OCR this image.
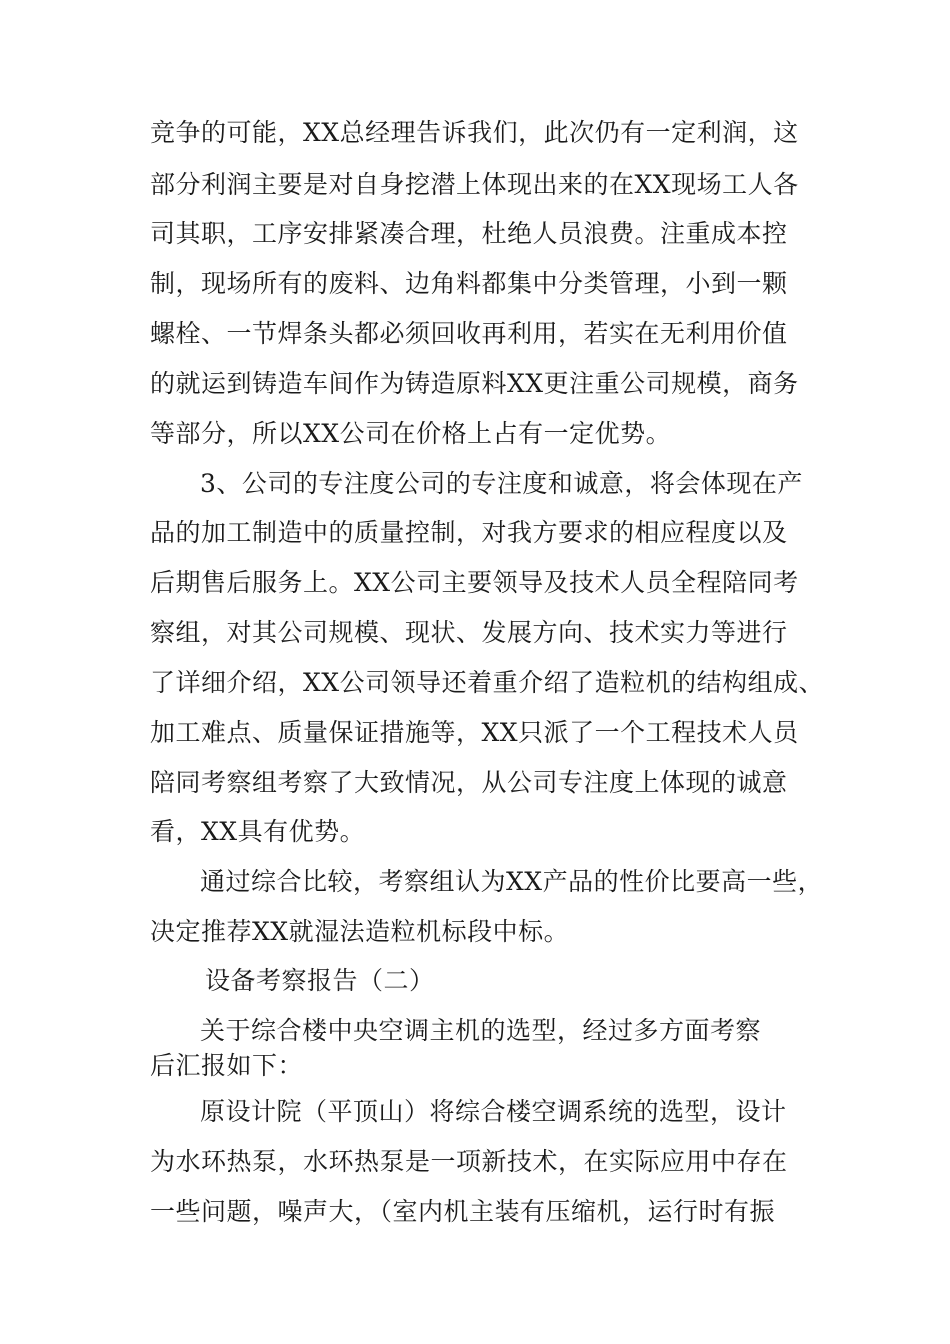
竞争的可能，XX总经理告诉我们，此次仍有一定利润，这
部分利润主要是对自身挖潜上体现出来的在XX现场工人各
司其职，工序安排紧凑合理，杜绝人员浪费。注重成本控
制，现场所有的废料、边角料都集中分类管理，小到一颗
螺栓、一节焊条头都必须回收再利用，若实在无利用价值
的就运到铸造车间作为铸造原料XX更注重公司规模，商务
等部分，所以XX公司在价格上占有一定优势。
3、公司的专注度公司的专注度和诚意，将会体现在产
品的加工制造中的质量控制，对我方要求的相应程度以及
后期售后服务上。XX公司主要领导及技术人员全程陪同考
察组，对其公司规模、现状、发展方向、技术实力等进行
了详细介绍，XX公司领导还着重介绍了造粒机的结构组成、
加工难点、质量保证措施等，XX只派了一个工程技术人员
陪同考察组考察了大致情况，从公司专注度上体现的诚意
看，XX具有优势。
通过综合比较，考察组认为XX产品的性价比要高一些，
决定推荐XX就湿法造粒机标段中标。
设备考察报告（二）
关于综合楼中央空调主机的选型，经过多方面考察
后汇报如下：
原设计院（平顶山）将综合楼空调系统的选型，设计
为水环热泵，水环热泵是一项新技术，在实际应用中存在
一些问题，噪声大，（室内机主装有压缩机，运行时有振
